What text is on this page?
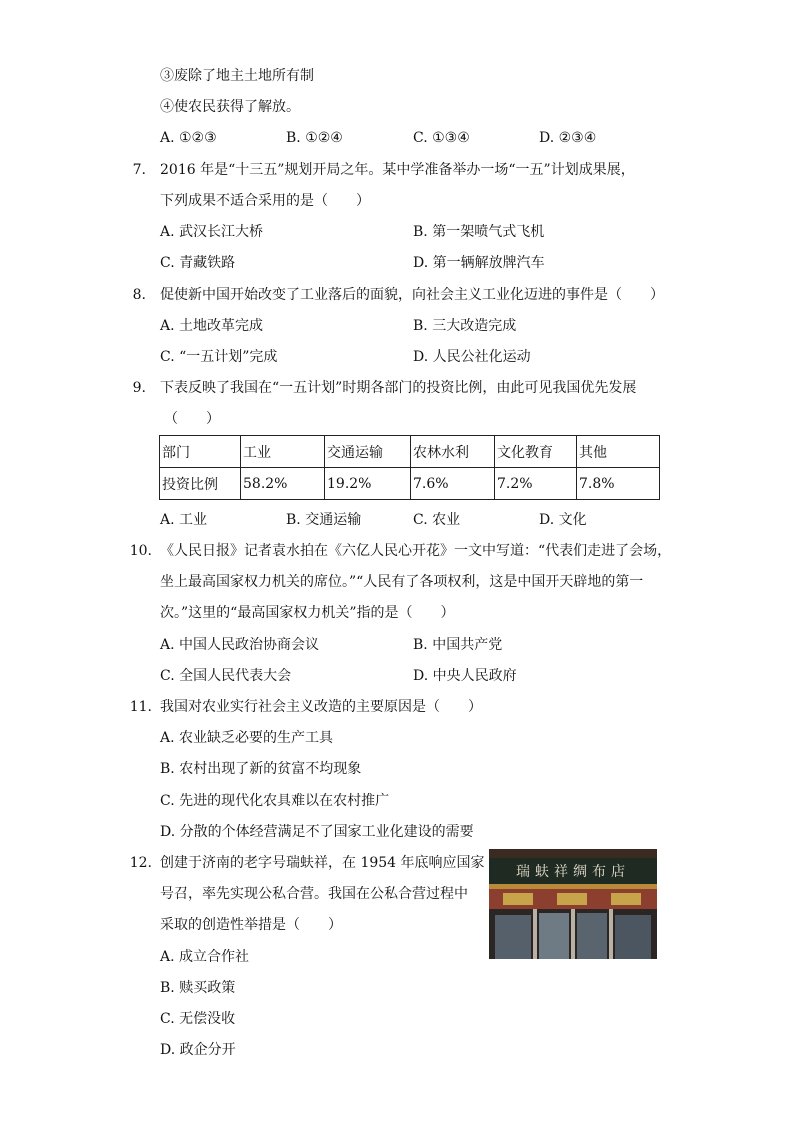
③废除了地主土地所有制
④使农民获得了解放。
A. ①②③	B. ①②④	C. ①③④	D. ②③④
7. 2016 年是“十三五”规划开局之年。某中学准备举办一场“一五”计划成果展，
下列成果不适合采用的是（　　）
A. 武汉长江大桥	B. 第一架喷气式飞机
C. 青藏铁路	D. 第一辆解放牌汽车
8. 促使新中国开始改变了工业落后的面貌，向社会主义工业化迈进的事件是（　　）
A. 土地改革完成	B. 三大改造完成
C. “一五计划”完成	D. 人民公社化运动
9. 下表反映了我国在“一五计划”时期各部门的投资比例，由此可见我国优先发展
（　　）
部门	工业	交通运输	农林水利	文化教育	其他
投资比例	58.2%	19.2%	7.6%	7.2%	7.8%
A. 工业	B. 交通运输	C. 农业	D. 文化
10. 《人民日报》记者袁水拍在《六亿人民心开花》一文中写道：“代表们走进了会场，
坐上最高国家权力机关的席位。”“人民有了各项权利，这是中国开天辟地的第一
次。”这里的“最高国家权力机关”指的是（　　）
A. 中国人民政治协商会议	B. 中国共产党
C. 全国人民代表大会	D. 中央人民政府
11. 我国对农业实行社会主义改造的主要原因是（　　）
A. 农业缺乏必要的生产工具
B. 农村出现了新的贫富不均现象
C. 先进的现代化农具难以在农村推广
D. 分散的个体经营满足不了国家工业化建设的需要
12. 创建于济南的老字号瑞蚨祥，在 1954 年底响应国家
号召，率先实现公私合营。我国在公私合营过程中
采取的创造性举措是（　　）
A. 成立合作社
B. 赎买政策
C. 无偿没收
D. 政企分开
瑞蚨祥绸布店
